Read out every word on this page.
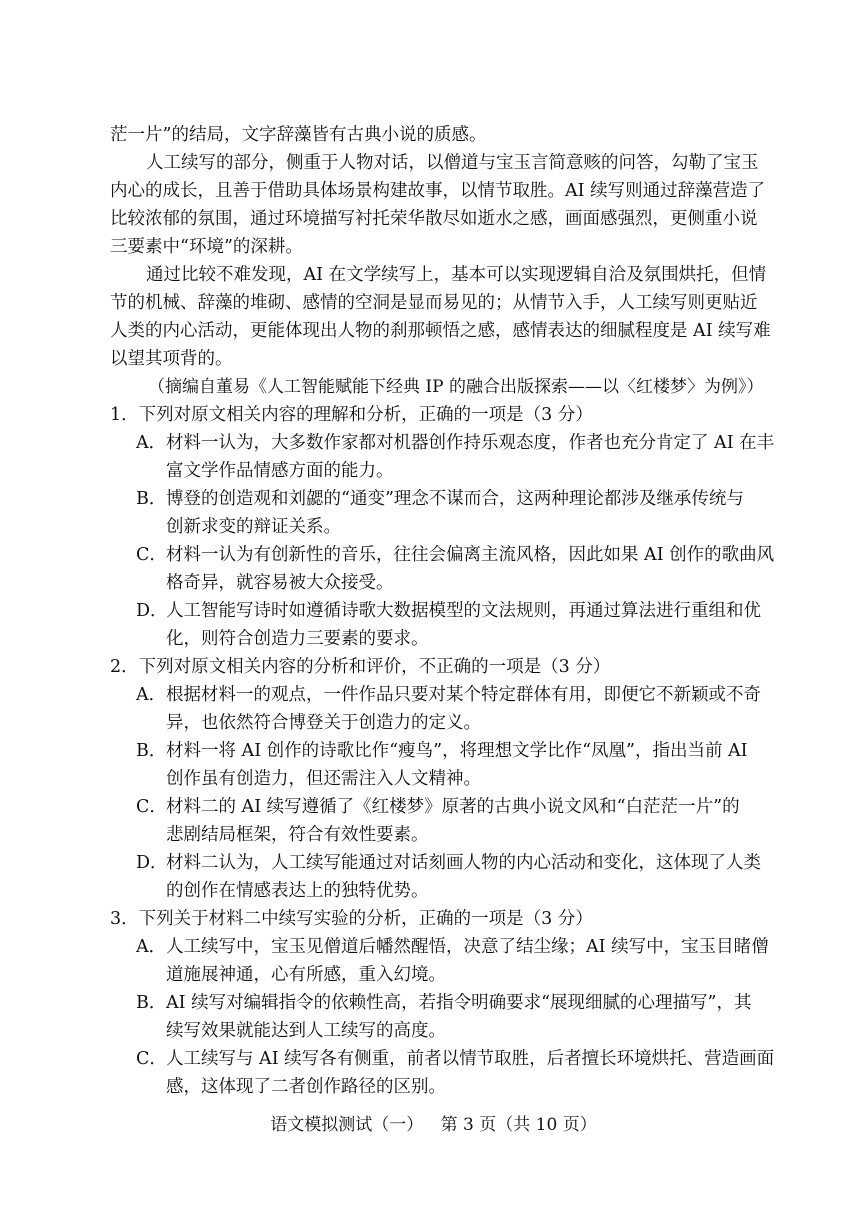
茫一片”的结局，文字辞藻皆有古典小说的质感。
人工续写的部分，侧重于人物对话，以僧道与宝玉言简意赅的问答，勾勒了宝玉
内心的成长，且善于借助具体场景构建故事，以情节取胜。AI 续写则通过辞藻营造了
比较浓郁的氛围，通过环境描写衬托荣华散尽如逝水之感，画面感强烈，更侧重小说
三要素中“环境”的深耕。
通过比较不难发现，AI 在文学续写上，基本可以实现逻辑自洽及氛围烘托，但情
节的机械、辞藻的堆砌、感情的空洞是显而易见的；从情节入手，人工续写则更贴近
人类的内心活动，更能体现出人物的刹那顿悟之感，感情表达的细腻程度是 AI 续写难
以望其项背的。
（摘编自董易《人工智能赋能下经典 IP 的融合出版探索——以〈红楼梦〉为例》）
1．下列对原文相关内容的理解和分析，正确的一项是（3 分）
A．材料一认为，大多数作家都对机器创作持乐观态度，作者也充分肯定了 AI 在丰
富文学作品情感方面的能力。
B．博登的创造观和刘勰的“通变”理念不谋而合，这两种理论都涉及继承传统与
创新求变的辩证关系。
C．材料一认为有创新性的音乐，往往会偏离主流风格，因此如果 AI 创作的歌曲风
格奇异，就容易被大众接受。
D．人工智能写诗时如遵循诗歌大数据模型的文法规则，再通过算法进行重组和优
化，则符合创造力三要素的要求。
2．下列对原文相关内容的分析和评价，不正确的一项是（3 分）
A．根据材料一的观点，一件作品只要对某个特定群体有用，即便它不新颖或不奇
异，也依然符合博登关于创造力的定义。
B．材料一将 AI 创作的诗歌比作“瘦鸟”，将理想文学比作“凤凰”，指出当前 AI
创作虽有创造力，但还需注入人文精神。
C．材料二的 AI 续写遵循了《红楼梦》原著的古典小说文风和“白茫茫一片”的
悲剧结局框架，符合有效性要素。
D．材料二认为，人工续写能通过对话刻画人物的内心活动和变化，这体现了人类
的创作在情感表达上的独特优势。
3．下列关于材料二中续写实验的分析，正确的一项是（3 分）
A．人工续写中，宝玉见僧道后幡然醒悟，决意了结尘缘；AI 续写中，宝玉目睹僧
道施展神通，心有所感，重入幻境。
B．AI 续写对编辑指令的依赖性高，若指令明确要求“展现细腻的心理描写”，其
续写效果就能达到人工续写的高度。
C．人工续写与 AI 续写各有侧重，前者以情节取胜，后者擅长环境烘托、营造画面
感，这体现了二者创作路径的区别。
语文模拟测试（一） 第 3 页（共 10 页）
